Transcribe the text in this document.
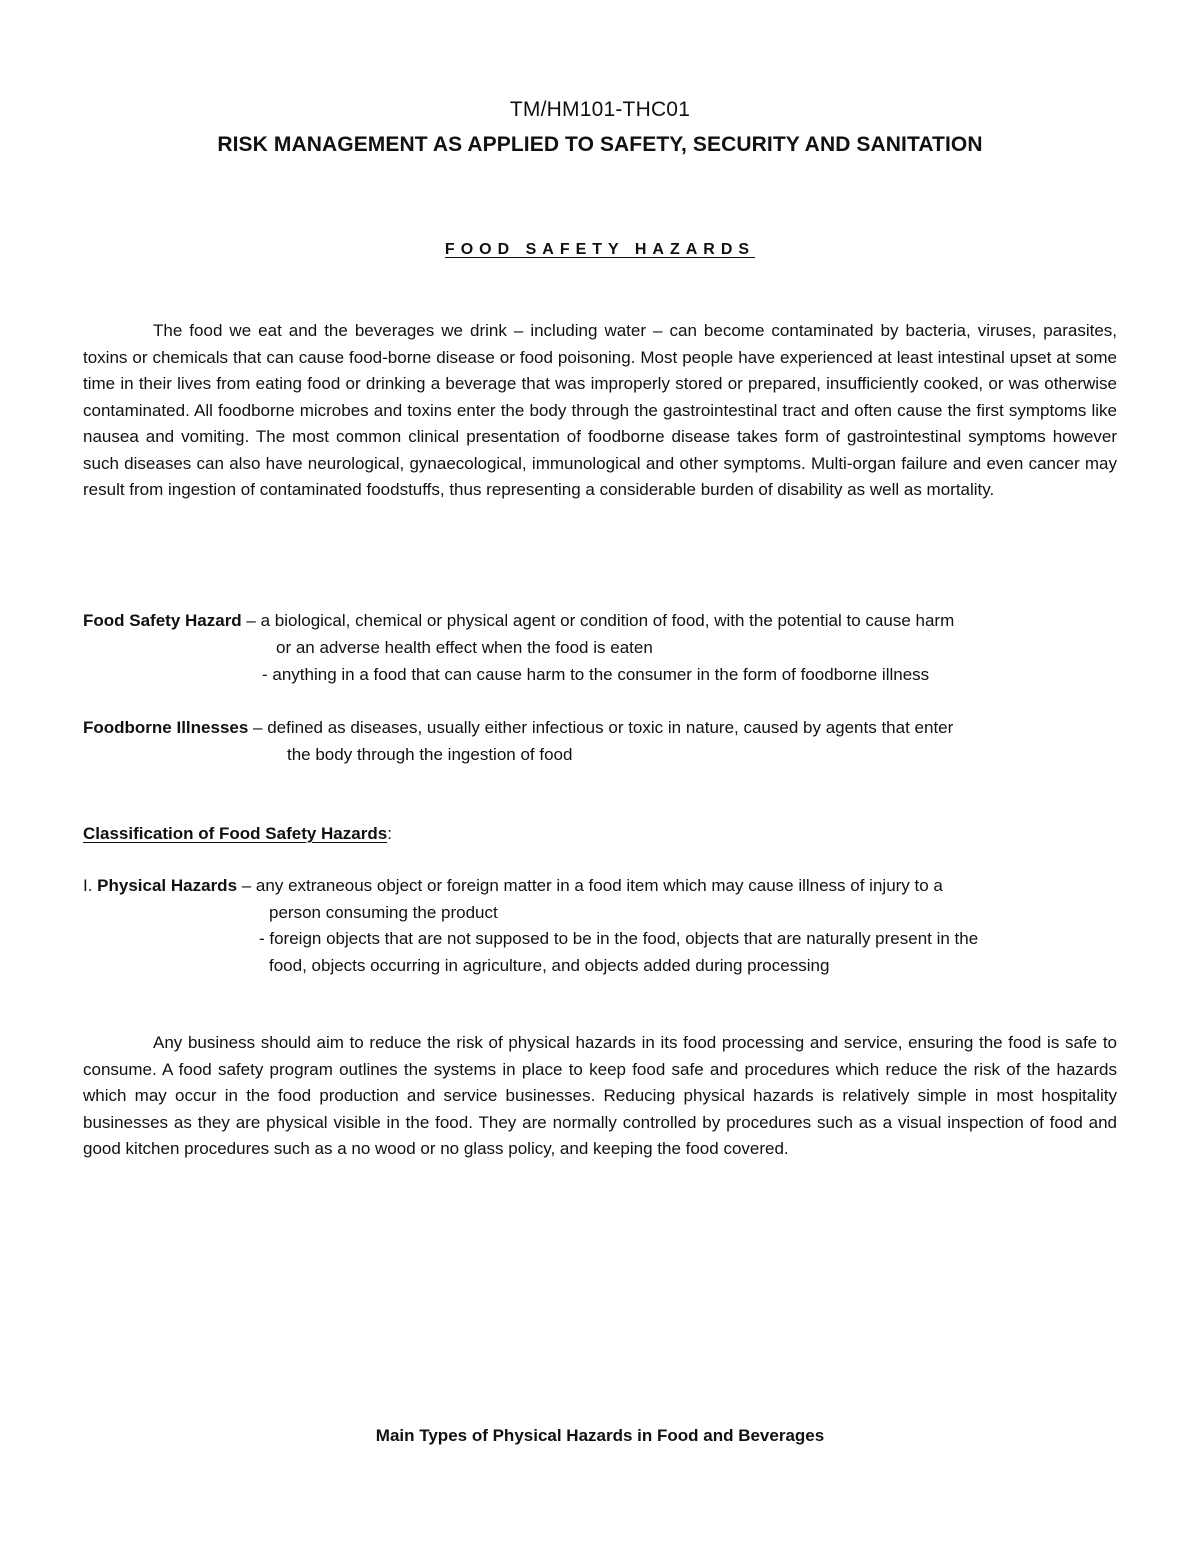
TM/HM101-THC01
RISK MANAGEMENT AS APPLIED TO SAFETY, SECURITY AND SANITATION
FOOD SAFETY HAZARDS
The food we eat and the beverages we drink – including water – can become contaminated by bacteria, viruses, parasites, toxins or chemicals that can cause food-borne disease or food poisoning. Most people have experienced at least intestinal upset at some time in their lives from eating food or drinking a beverage that was improperly stored or prepared, insufficiently cooked, or was otherwise contaminated. All foodborne microbes and toxins enter the body through the gastrointestinal tract and often cause the first symptoms like nausea and vomiting. The most common clinical presentation of foodborne disease takes form of gastrointestinal symptoms however such diseases can also have neurological, gynaecological, immunological and other symptoms. Multi-organ failure and even cancer may result from ingestion of contaminated foodstuffs, thus representing a considerable burden of disability as well as mortality.
Food Safety Hazard – a biological, chemical or physical agent or condition of food, with the potential to cause harm
or an adverse health effect when the food is eaten
- anything in a food that can cause harm to the consumer in the form of foodborne illness
Foodborne Illnesses – defined as diseases, usually either infectious or toxic in nature, caused by agents that enter
the body through the ingestion of food
Classification of Food Safety Hazards:
I. Physical Hazards – any extraneous object or foreign matter in a food item which may cause illness of injury to a
person consuming the product
- foreign objects that are not supposed to be in the food, objects that are naturally present in the
food, objects occurring in agriculture, and objects added during processing
Any business should aim to reduce the risk of physical hazards in its food processing and service, ensuring the food is safe to consume. A food safety program outlines the systems in place to keep food safe and procedures which reduce the risk of the hazards which may occur in the food production and service businesses. Reducing physical hazards is relatively simple in most hospitality businesses as they are physical visible in the food. They are normally controlled by procedures such as a visual inspection of food and good kitchen procedures such as a no wood or no glass policy, and keeping the food covered.
Main Types of Physical Hazards in Food and Beverages
